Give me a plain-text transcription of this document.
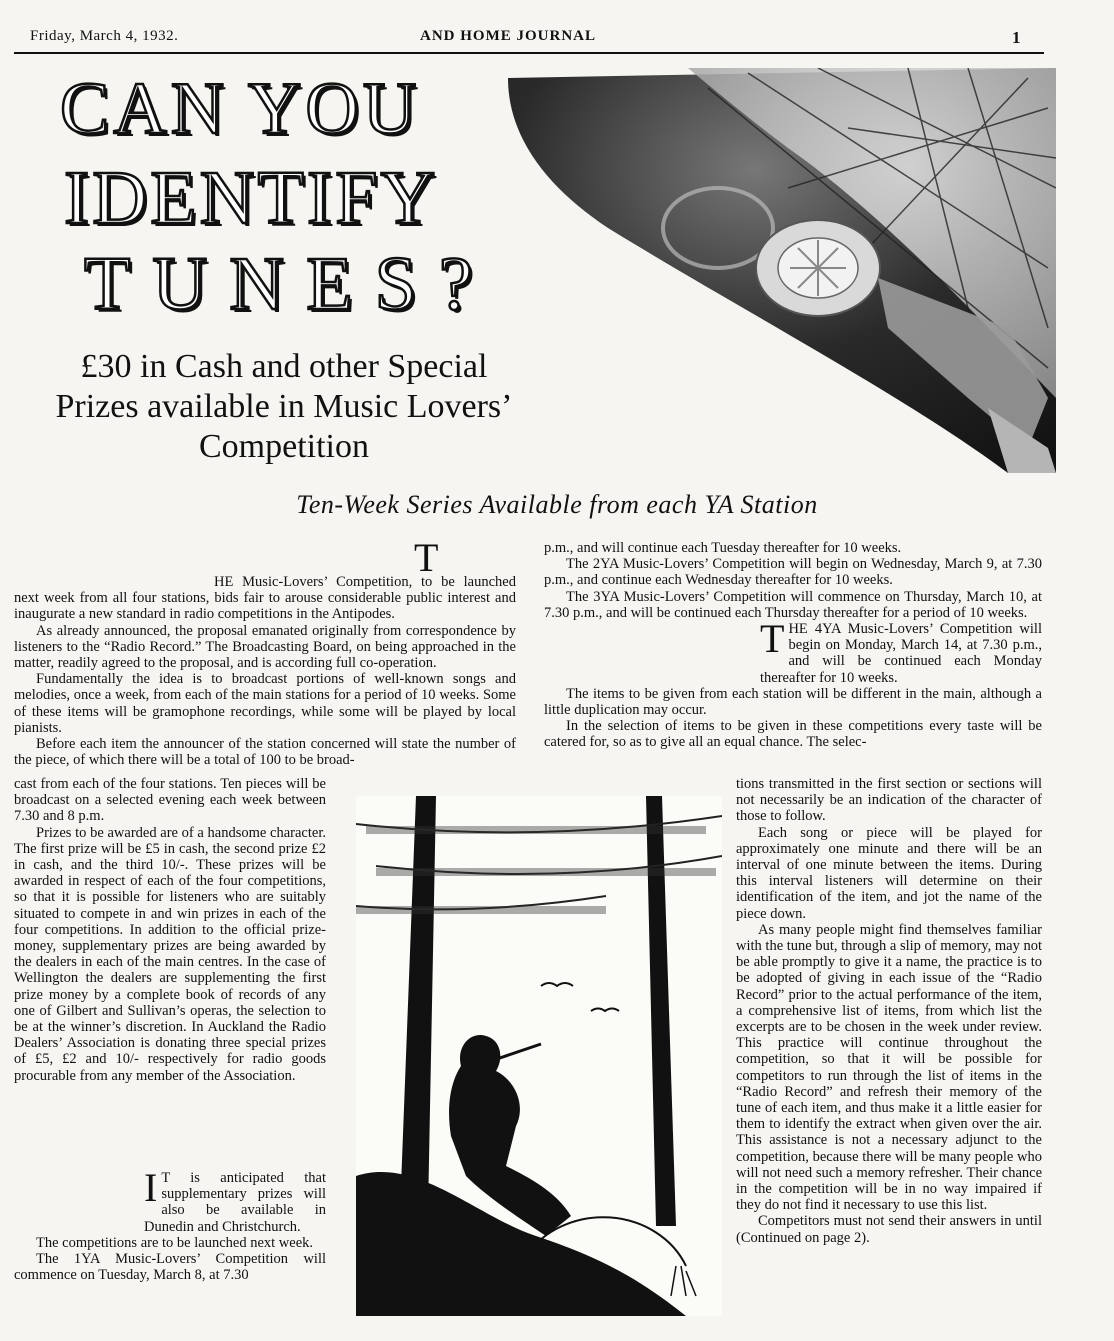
Friday, March 4, 1932.	AND HOME JOURNAL	1
CAN YOU
IDENTIFY
TUNES?
£30 in Cash and other Special
Prizes available in Music Lovers’
Competition
Ten-Week Series Available from each YA Station

T
HE Music-Lovers’ Competition, to be launched next week from all four stations, bids fair to arouse considerable public interest and inaugurate a new standard in radio competitions in the Antipodes.

As already announced, the proposal emanated originally from correspondence by listeners to the “Radio Record.” The Broadcasting Board, on being approached in the matter, readily agreed to the proposal, and is according full co-operation.

Fundamentally the idea is to broadcast portions of well-known songs and melodies, once a week, from each of the main stations for a period of 10 weeks. Some of these items will be gramophone recordings, while some will be played by local pianists.

Before each item the announcer of the station concerned will state the number of the piece, of which there will be a total of 100 to be broad-

cast from each of the four stations. Ten pieces will be broadcast on a selected evening each week between 7.30 and 8 p.m.

Prizes to be awarded are of a handsome character. The first prize will be £5 in cash, the second prize £2 in cash, and the third 10/-. These prizes will be awarded in respect of each of the four competitions, so that it is possible for listeners who are suitably situated to compete in and win prizes in each of the four competitions. In addition to the official prize-money, supplementary prizes are being awarded by the dealers in each of the main centres. In the case of Wellington the dealers are supplementing the first prize money by a complete book of records of any one of Gilbert and Sullivan’s operas, the selection to be at the winner’s discretion. In Auckland the Radio Dealers’ Association is donating three special prizes of £5, £2 and 10/- respectively for radio goods procurable from any member of the Association.

I T is anticipated that supplementary prizes will also be available in Dunedin and Christchurch.

The competitions are to be launched next week.

The 1YA Music-Lovers’ Competition will commence on Tuesday, March 8, at 7.30

p.m., and will continue each Tuesday thereafter for 10 weeks.

The 2YA Music-Lovers’ Competition will begin on Wednesday, March 9, at 7.30 p.m., and continue each Wednesday thereafter for 10 weeks.

The 3YA Music-Lovers’ Competition will commence on Thursday, March 10, at 7.30 p.m., and will be continued each Thursday thereafter for a period of 10 weeks.

THE 4YA Music-Lovers’ Competition will begin on Monday, March 14, at 7.30 p.m., and will be continued each Monday thereafter for 10 weeks.

The items to be given from each station will be different in the main, although a little duplication may occur.

In the selection of items to be given in these competitions every taste will be catered for, so as to give all an equal chance. The selec-

tions transmitted in the first section or sections will not necessarily be an indication of the character of those to follow.

Each song or piece will be played for approximately one minute and there will be an interval of one minute between the items. During this interval listeners will determine on their identification of the item, and jot the name of the piece down.

As many people might find themselves familiar with the tune but, through a slip of memory, may not be able promptly to give it a name, the practice is to be adopted of giving in each issue of the “Radio Record” prior to the actual performance of the item, a comprehensive list of items, from which list the excerpts are to be chosen in the week under review. This practice will continue throughout the competition, so that it will be possible for competitors to run through the list of items in the “Radio Record” and refresh their memory of the tune of each item, and thus make it a little easier for them to identify the extract when given over the air. This assistance is not a necessary adjunct to the competition, because there will be many people who will not need such a memory refresher. Their chance in the competition will be in no way impaired if they do not find it necessary to use this list.

Competitors must not send their answers in until (Continued on page 2).
